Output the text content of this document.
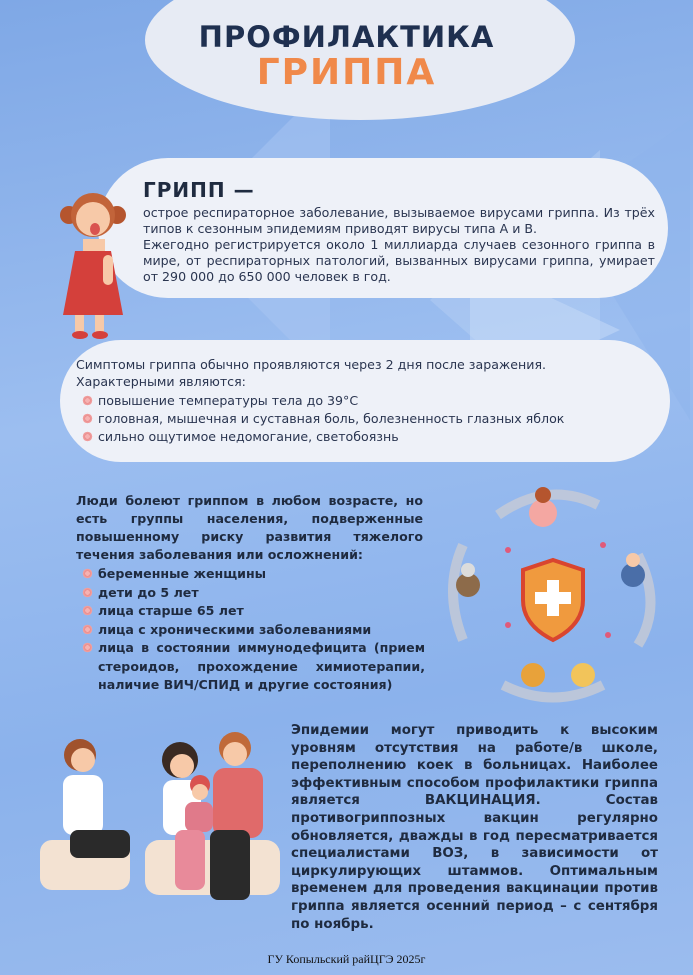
ПРОФИЛАКТИКА
ГРИППА
ГРИПП —
острое респираторное заболевание, вызываемое вирусами гриппа. Из трёх типов к сезонным эпидемиям приводят вирусы типа А и В.
Ежегодно регистрируется около 1 миллиарда случаев сезонного гриппа в мире, от респираторных патологий, вызванных вирусами гриппа, умирает от 290 000 до 650 000 человек в год.
Симптомы гриппа обычно проявляются через 2 дня после заражения.
Характерными являются:
повышение температуры тела до 39°С
головная, мышечная и суставная боль, болезненность глазных яблок
сильно ощутимое недомогание, светобоязнь
Люди болеют гриппом в любом возрасте, но есть группы населения, подверженные повышенному риску развития тяжелого течения заболевания или осложнений:
беременные женщины
дети до 5 лет
лица старше 65 лет
лица с хроническими заболеваниями
лица в состоянии иммунодефицита (прием стероидов, прохождение химиотерапии, наличие ВИЧ/СПИД и другие состояния)
Эпидемии могут приводить к высоким уровням отсутствия на работе/в школе, переполнению коек в больницах. Наиболее эффективным способом профилактики гриппа является ВАКЦИНАЦИЯ. Состав противогриппозных вакцин регулярно обновляется, дважды в год пересматривается специалистами ВОЗ, в зависимости от циркулирующих штаммов. Оптимальным временем для проведения вакцинации против гриппа является осенний период – с сентября по ноябрь.
ГУ Копыльский райЦГЭ 2025г
